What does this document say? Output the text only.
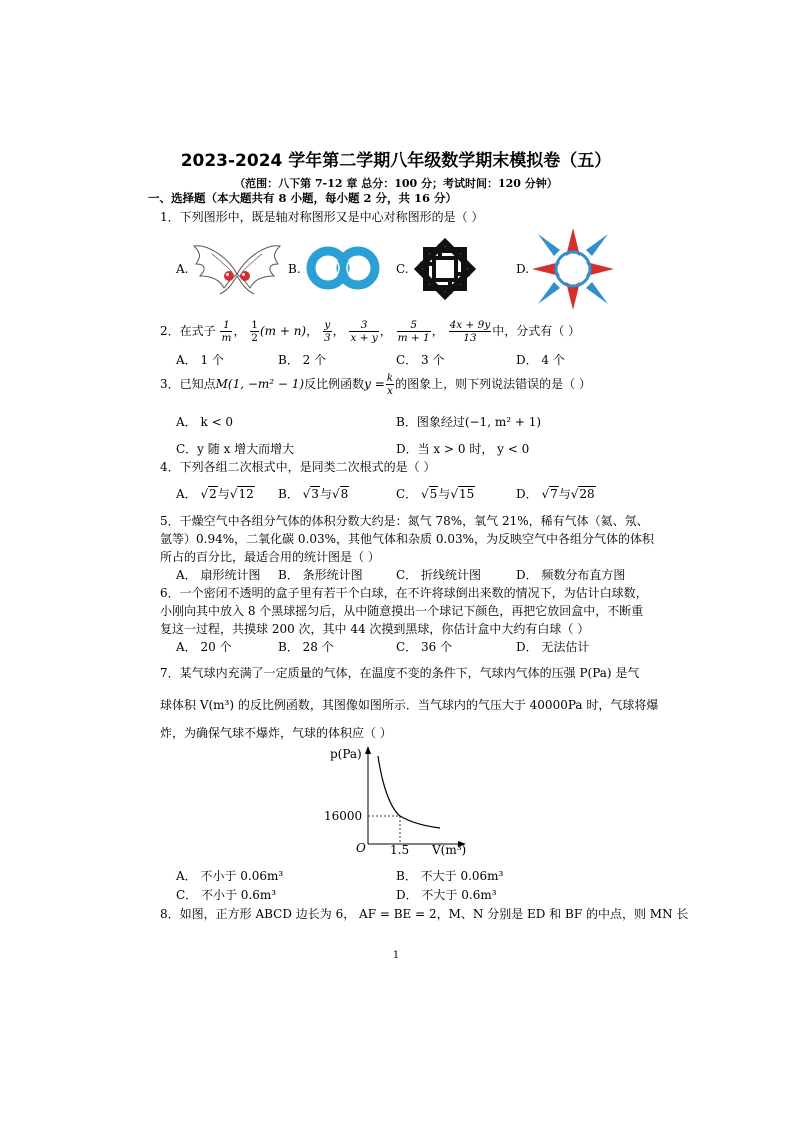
2023-2024 学年第二学期八年级数学期末模拟卷（五）
（范围：八下第 7-12 章 总分：100 分；考试时间：120 分钟）
一、选择题（本大题共有 8 小题，每小题 2 分，共 16 分）
1．下列图形中，既是轴对称图形又是中心对称图形的是（ ）
A.	B.	C.	D.
2．在式子 $\frac{1}{m}$ ， $\frac{1}{2} (m + n)$， $\frac{y}{3}$ ， $\frac{3}{x + y}$ ， $\frac{5}{m + 1}$ ， $\frac{4x + 9y}{13}$ 中，分式有（ ）
A． 1 个	B． 2 个	C． 3 个	D． 4 个
3．已知点M(1, −m² − 1)反比例函数$y = \frac{k}{x}$ 的图象上，则下列说法错误的是（ ）
A． k < 0	B．图象经过(−1, m² + 1)
C．y 随 x 增大而增大	D．当 x > 0 时， y < 0
4．下列各组二次根式中，是同类二次根式的是（ ）
A． √2与√12 B． √3与√8	C． √5与√15	D． √7与√28
5．干燥空气中各组分气体的体积分数大约是：氮气 78%，氧气 21%，稀有气体（氦、氖、
氩等）0.94%，二氧化碳 0.03%，其他气体和杂质 0.03%，为反映空气中各组分气体的体积
所占的百分比，最适合用的统计图是（ ）
A． 扇形统计图 B． 条形统计图	C． 折线统计图	D． 频数分布直方图
6．一个密闭不透明的盒子里有若干个白球，在不许将球倒出来数的情况下，为估计白球数，
小刚向其中放入 8 个黑球摇匀后，从中随意摸出一个球记下颜色，再把它放回盒中，不断重
复这一过程，共摸球 200 次，其中 44 次摸到黑球，你估计盒中大约有白球（ ）
A． 20 个	B． 28 个	C． 36 个	D． 无法估计
7．某气球内充满了一定质量的气体，在温度不变的条件下，气球内气体的压强 P(Pa) 是气
球体积 V(m³) 的反比例函数，其图像如图所示．当气球内的气压大于 40000Pa 时，气球将爆
炸，为确保气球不爆炸，气球的体积应（ ）
p(Pa)
16000
O 1.5 V(m³)
A． 不小于 0.06m³	B． 不大于 0.06m³
C． 不小于 0.6m³	D． 不大于 0.6m³
8．如图，正方形 ABCD 边长为 6， AF = BE = 2，M、N 分别是 ED 和 BF 的中点，则 MN 长
1
